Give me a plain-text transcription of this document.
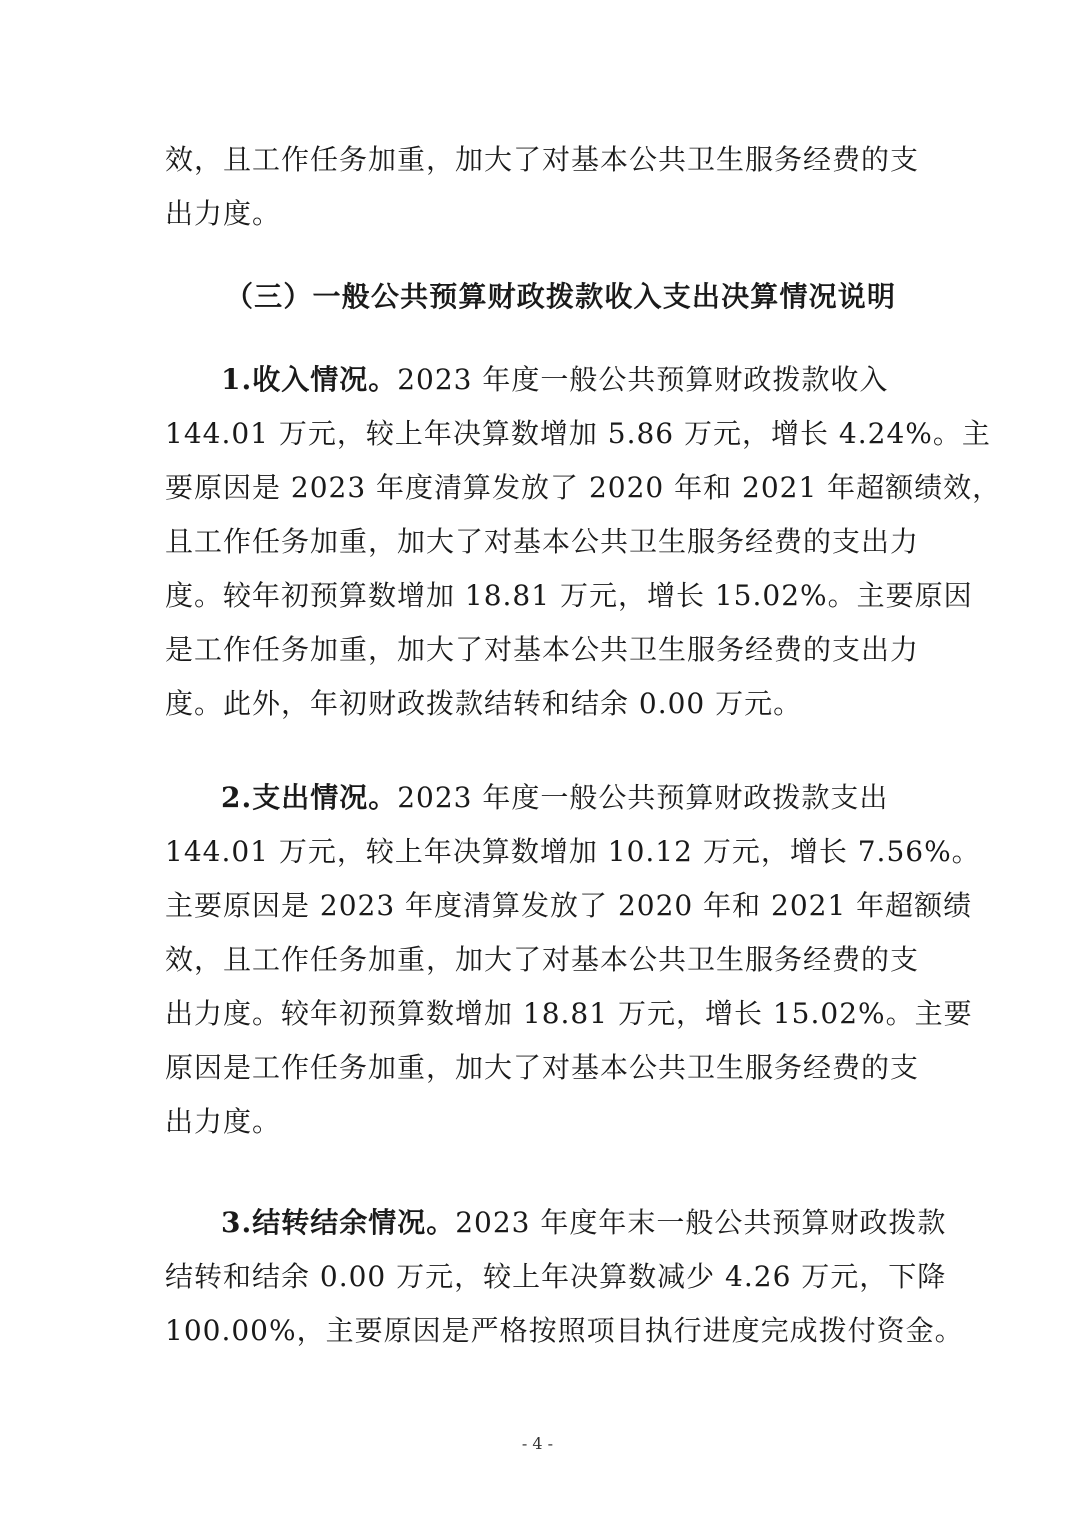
效，且工作任务加重，加大了对基本公共卫生服务经费的支
出力度。
（三）一般公共预算财政拨款收入支出决算情况说明
1.收入情况。2023 年度一般公共预算财政拨款收入
144.01 万元，较上年决算数增加 5.86 万元，增长 4.24%。主
要原因是 2023 年度清算发放了 2020 年和 2021 年超额绩效，
且工作任务加重，加大了对基本公共卫生服务经费的支出力
度。较年初预算数增加 18.81 万元，增长 15.02%。主要原因
是工作任务加重，加大了对基本公共卫生服务经费的支出力
度。此外，年初财政拨款结转和结余 0.00 万元。
2.支出情况。2023 年度一般公共预算财政拨款支出
144.01 万元，较上年决算数增加 10.12 万元，增长 7.56%。
主要原因是 2023 年度清算发放了 2020 年和 2021 年超额绩
效，且工作任务加重，加大了对基本公共卫生服务经费的支
出力度。较年初预算数增加 18.81 万元，增长 15.02%。主要
原因是工作任务加重，加大了对基本公共卫生服务经费的支
出力度。
3.结转结余情况。2023 年度年末一般公共预算财政拨款
结转和结余 0.00 万元，较上年决算数减少 4.26 万元，下降
100.00%，主要原因是严格按照项目执行进度完成拨付资金。
- 4 -
